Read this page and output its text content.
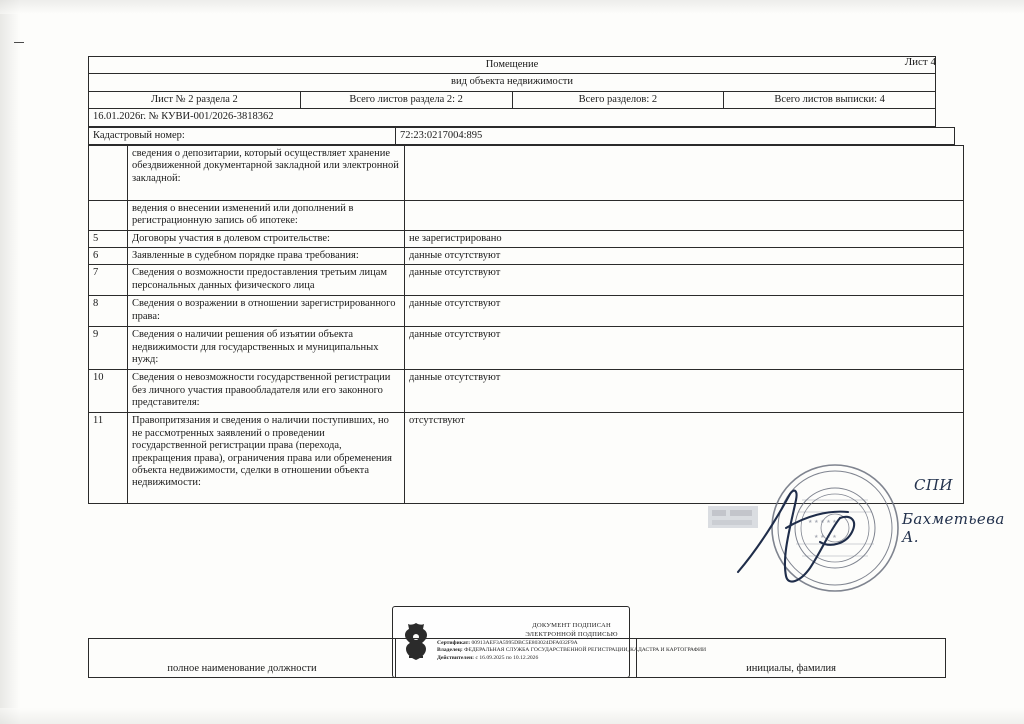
Лист 4
Помещение
вид объекта недвижимости
Лист № 2 раздела 2	Всего листов раздела 2: 2	Всего разделов: 2	Всего листов выписки: 4
16.01.2026г. № КУВИ-001/2026-3818362
Кадастровый номер:	72:23:0217004:895
	сведения о депозитарии, который осуществляет хранение обездвиженной документарной закладной или электронной закладной:	
	ведения о внесении изменений или дополнений в регистрационную запись об ипотеке:	
5	Договоры участия в долевом строительстве:	не зарегистрировано
6	Заявленные в судебном порядке права требования:	данные отсутствуют
7	Сведения о возможности предоставления третьим лицам персональных данных физического лица	данные отсутствуют
8	Сведения о возражении в отношении зарегистрированного права:	данные отсутствуют
9	Сведения о наличии решения об изъятии объекта недвижимости для государственных и муниципальных нужд:	данные отсутствуют
10	Сведения о невозможности государственной регистрации без личного участия правообладателя или его законного представителя:	данные отсутствуют
11	Правопритязания и сведения о наличии поступивших, но не рассмотренных заявлений о проведении государственной регистрации права (перехода, прекращения права), ограничения права или обременения объекта недвижимости, сделки в отношении объекта недвижимости:	отсутствуют
★ ★ ★ ★ ★
★ ★ ★ ★
СПИ
Бахметьева А.
ДОКУМЕНТ ПОДПИСАН
ЭЛЕКТРОННОЙ ПОДПИСЬЮ
Сертификат: 00913AEF3A5995DBC5E803024DFA032F9A
Владелец: ФЕДЕРАЛЬНАЯ СЛУЖБА ГОСУДАРСТВЕННОЙ РЕГИСТРАЦИИ, КАДАСТРА И КАРТОГРАФИИ
Действителен: с 16.09.2025 по 10.12.2026
полное наименование должности		инициалы, фамилия
